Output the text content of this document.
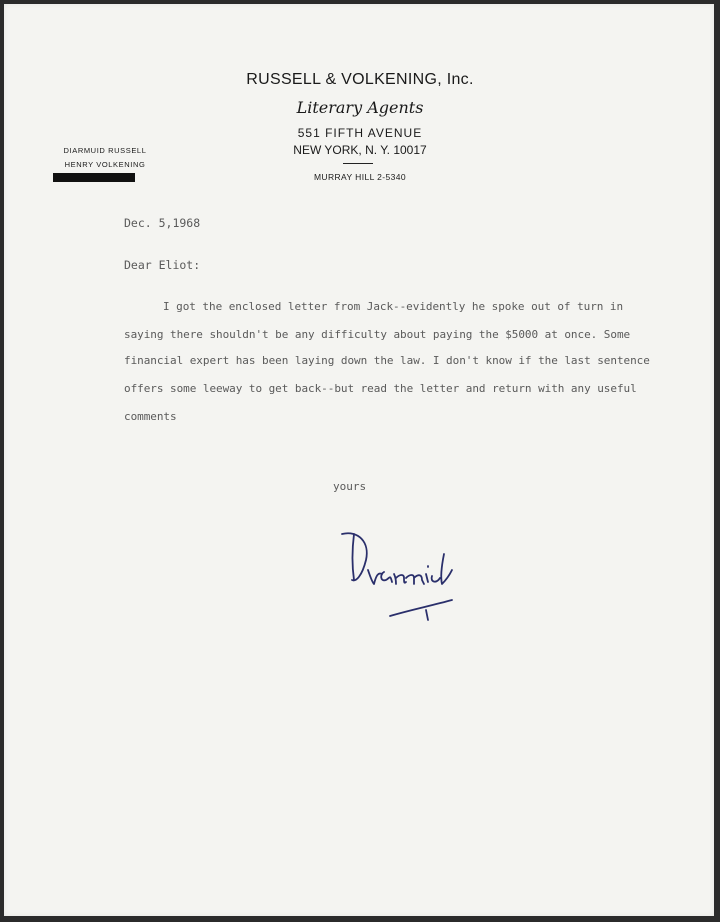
RUSSELL & VOLKENING, Inc.
Literary Agents
551 FIFTH AVENUE
NEW YORK, N. Y. 10017
MURRAY HILL 2-5340
DIARMUID RUSSELL
HENRY VOLKENING
Dec. 5,1968
Dear Eliot:
I got the enclosed letter from Jack--evidently he spoke out of turn in
saying there shouldn't be any difficulty about paying the $5000 at once. Some
financial expert has been laying down the law. I don't know if the last sentence
offers some leeway to get back--but read the letter and return with any useful
comments
yours
